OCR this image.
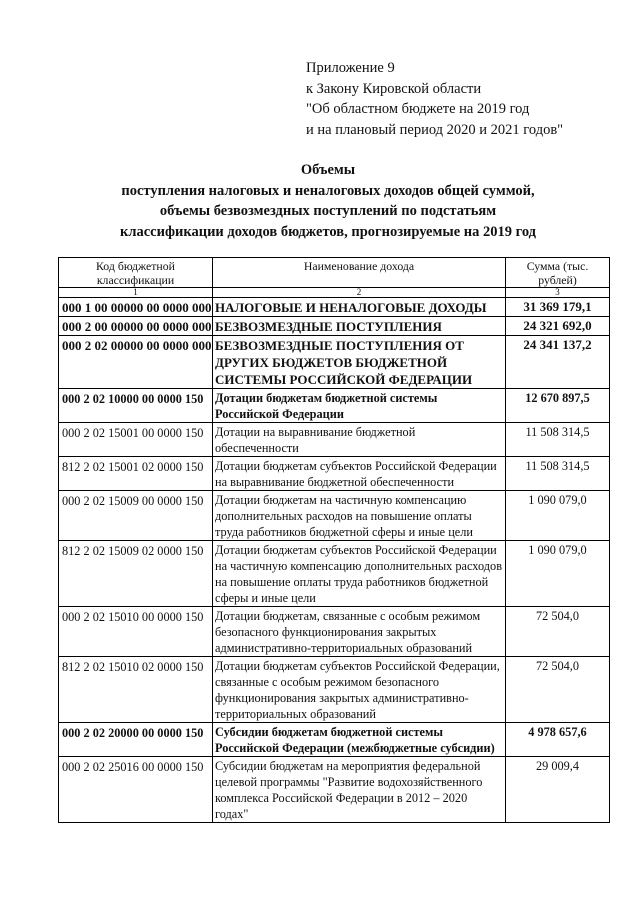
Приложение 9
к Закону Кировской области
"Об областном бюджете на 2019 год
и на плановый период 2020 и 2021 годов"
Объемы
поступления налоговых и неналоговых доходов общей суммой,
объемы безвозмездных поступлений по подстатьям
классификации доходов бюджетов, прогнозируемые на 2019 год
Код бюджетной классификации	Наименование дохода	Сумма (тыс. рублей)
1	2	3
000 1 00 00000 00 0000 000	НАЛОГОВЫЕ И НЕНАЛОГОВЫЕ ДОХОДЫ	31 369 179,1
000 2 00 00000 00 0000 000	БЕЗВОЗМЕЗДНЫЕ ПОСТУПЛЕНИЯ	24 321 692,0
000 2 02 00000 00 0000 000	БЕЗВОЗМЕЗДНЫЕ ПОСТУПЛЕНИЯ ОТ ДРУГИХ БЮДЖЕТОВ БЮДЖЕТНОЙ СИСТЕМЫ РОССИЙСКОЙ ФЕДЕРАЦИИ	24 341 137,2
000 2 02 10000 00 0000 150	Дотации бюджетам бюджетной системы Российской Федерации	12 670 897,5
000 2 02 15001 00 0000 150	Дотации на выравнивание бюджетной обеспеченности	11 508 314,5
812 2 02 15001 02 0000 150	Дотации бюджетам субъектов Российской Федерации на выравнивание бюджетной обеспеченности	11 508 314,5
000 2 02 15009 00 0000 150	Дотации бюджетам на частичную компенсацию дополнительных расходов на повышение оплаты труда работников бюджетной сферы и иные цели	1 090 079,0
812 2 02 15009 02 0000 150	Дотации бюджетам субъектов Российской Федерации на частичную компенсацию дополнительных расходов на повышение оплаты труда работников бюджетной сферы и иные цели	1 090 079,0
000 2 02 15010 00 0000 150	Дотации бюджетам, связанные с особым режимом безопасного функционирования закрытых административно-территориальных образований	72 504,0
812 2 02 15010 02 0000 150	Дотации бюджетам субъектов Российской Федерации, связанные с особым режимом безопасного функционирования закрытых административно-территориальных образований	72 504,0
000 2 02 20000 00 0000 150	Субсидии бюджетам бюджетной системы Российской Федерации (межбюджетные субсидии)	4 978 657,6
000 2 02 25016 00 0000 150	Субсидии бюджетам на мероприятия федеральной целевой программы "Развитие водохозяйственного комплекса Российской Федерации в 2012 – 2020 годах"	29 009,4
